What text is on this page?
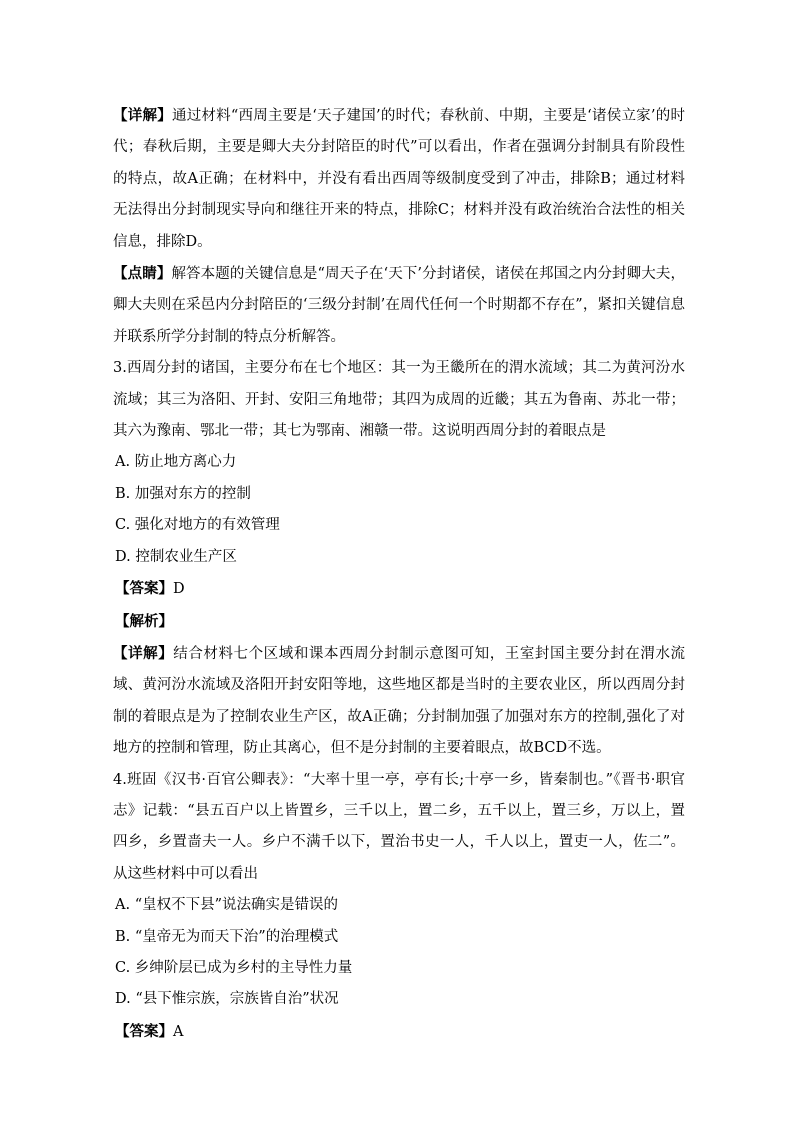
【详解】通过材料“西周主要是‘天子建国’的时代；春秋前、中期，主要是‘诸侯立家’的时代；春秋后期，主要是卿大夫分封陪臣的时代”可以看出，作者在强调分封制具有阶段性的特点，故A正确；在材料中，并没有看出西周等级制度受到了冲击，排除B；通过材料无法得出分封制现实导向和继往开来的特点，排除C；材料并没有政治统治合法性的相关信息，排除D。

【点睛】解答本题的关键信息是“周天子在‘天下’分封诸侯，诸侯在邦国之内分封卿大夫，卿大夫则在采邑内分封陪臣的‘三级分封制’在周代任何一个时期都不存在”，紧扣关键信息并联系所学分封制的特点分析解答。

3.西周分封的诸国，主要分布在七个地区：其一为王畿所在的渭水流域；其二为黄河汾水流域；其三为洛阳、开封、安阳三角地带；其四为成周的近畿；其五为鲁南、苏北一带；其六为豫南、鄂北一带；其七为鄂南、湘赣一带。这说明西周分封的着眼点是

A. 防止地方离心力

B. 加强对东方的控制

C. 强化对地方的有效管理

D. 控制农业生产区

【答案】D

【解析】

【详解】结合材料七个区域和课本西周分封制示意图可知，王室封国主要分封在渭水流域、黄河汾水流域及洛阳开封安阳等地，这些地区都是当时的主要农业区，所以西周分封制的着眼点是为了控制农业生产区，故A正确；分封制加强了加强对东方的控制,强化了对地方的控制和管理，防止其离心，但不是分封制的主要着眼点，故BCD不选。

4.班固《汉书·百官公卿表》：“大率十里一亭，亭有长;十亭一乡，皆秦制也。”《晋书·职官志》记载：“县五百户以上皆置乡，三千以上，置二乡，五千以上，置三乡，万以上，置四乡，乡置啬夫一人。乡户不满千以下，置治书史一人，千人以上，置吏一人，佐二”。从这些材料中可以看出

A. “皇权不下县”说法确实是错误的

B. “皇帝无为而天下治”的治理模式

C. 乡绅阶层已成为乡村的主导性力量

D. “县下惟宗族，宗族皆自治”状况

【答案】A
